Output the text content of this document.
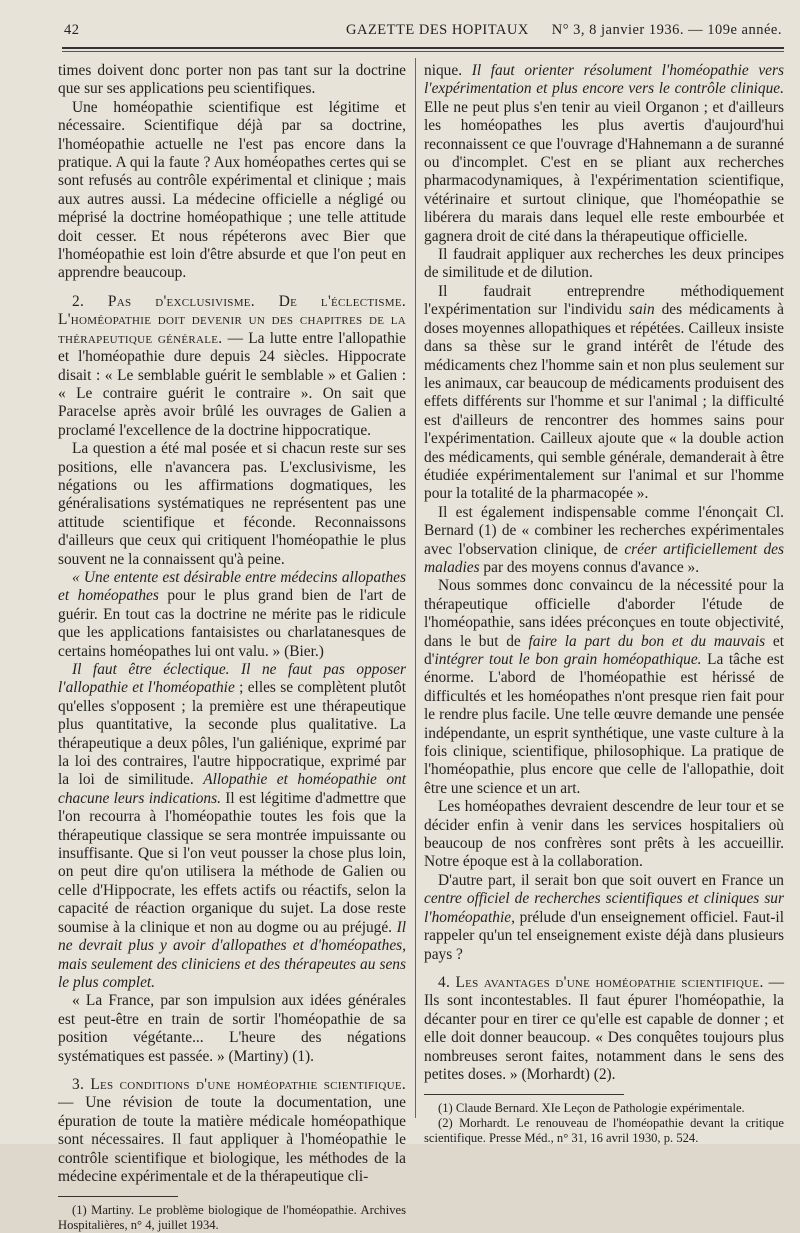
42	GAZETTE DES HOPITAUX N° 3, 8 janvier 1936. — 109e année.

times doivent donc porter non pas tant sur la doctrine que sur ses applications peu scientifiques.

Une homéopathie scientifique est légitime et nécessaire. Scientifique déjà par sa doctrine, l'homéopathie actuelle ne l'est pas encore dans la pratique. A qui la faute ? Aux homéopathes certes qui se sont refusés au contrôle expérimental et clinique ; mais aux autres aussi. La médecine officielle a négligé ou méprisé la doctrine homéopathique ; une telle attitude doit cesser. Et nous répéterons avec Bier que l'homéopathie est loin d'être absurde et que l'on peut en apprendre beaucoup.

2. Pas d'exclusivisme. De l'éclectisme. L'homéopathie doit devenir un des chapitres de la thérapeutique générale. — La lutte entre l'allopathie et l'homéopathie dure depuis 24 siècles. Hippocrate disait : « Le semblable guérit le semblable » et Galien : « Le contraire guérit le contraire ». On sait que Paracelse après avoir brûlé les ouvrages de Galien a proclamé l'excellence de la doctrine hippocratique.

La question a été mal posée et si chacun reste sur ses positions, elle n'avancera pas. L'exclusivisme, les négations ou les affirmations dogmatiques, les généralisations systématiques ne représentent pas une attitude scientifique et féconde. Reconnaissons d'ailleurs que ceux qui critiquent l'homéopathie le plus souvent ne la connaissent qu'à peine.

« Une entente est désirable entre médecins allopathes et homéopathes pour le plus grand bien de l'art de guérir. En tout cas la doctrine ne mérite pas le ridicule que les applications fantaisistes ou charlatanesques de certains homéopathes lui ont valu. » (Bier.)

Il faut être éclectique. Il ne faut pas opposer l'allopathie et l'homéopathie ; elles se complètent plutôt qu'elles s'opposent ; la première est une thérapeutique plus quantitative, la seconde plus qualitative. La thérapeutique a deux pôles, l'un galiénique, exprimé par la loi des contraires, l'autre hippocratique, exprimé par la loi de similitude. Allopathie et homéopathie ont chacune leurs indications. Il est légitime d'admettre que l'on recourra à l'homéopathie toutes les fois que la thérapeutique classique se sera montrée impuissante ou insuffisante. Que si l'on veut pousser la chose plus loin, on peut dire qu'on utilisera la méthode de Galien ou celle d'Hippocrate, les effets actifs ou réactifs, selon la capacité de réaction organique du sujet. La dose reste soumise à la clinique et non au dogme ou au préjugé. Il ne devrait plus y avoir d'allopathes et d'homéopathes, mais seulement des cliniciens et des thérapeutes au sens le plus complet.

« La France, par son impulsion aux idées générales est peut-être en train de sortir l'homéopathie de sa position végétante... L'heure des négations systématiques est passée. » (Martiny) (1).

3. Les conditions d'une homéopathie scientifique. — Une révision de toute la documentation, une épuration de toute la matière médicale homéopathique sont nécessaires. Il faut appliquer à l'homéopathie le contrôle scientifique et biologique, les méthodes de la médecine expérimentale et de la thérapeutique cli-

(1) Martiny. Le problème biologique de l'homéopathie. Archives Hospitalières, n° 4, juillet 1934.

nique. Il faut orienter résolument l'homéopathie vers l'expérimentation et plus encore vers le contrôle clinique. Elle ne peut plus s'en tenir au vieil Organon ; et d'ailleurs les homéopathes les plus avertis d'aujourd'hui reconnaissent ce que l'ouvrage d'Hahnemann a de suranné ou d'incomplet. C'est en se pliant aux recherches pharmacodynamiques, à l'expérimentation scientifique, vétérinaire et surtout clinique, que l'homéopathie se libérera du marais dans lequel elle reste embourbée et gagnera droit de cité dans la thérapeutique officielle.

Il faudrait appliquer aux recherches les deux principes de similitude et de dilution.

Il faudrait entreprendre méthodiquement l'expérimentation sur l'individu sain des médicaments à doses moyennes allopathiques et répétées. Cailleux insiste dans sa thèse sur le grand intérêt de l'étude des médicaments chez l'homme sain et non plus seulement sur les animaux, car beaucoup de médicaments produisent des effets différents sur l'homme et sur l'animal ; la difficulté est d'ailleurs de rencontrer des hommes sains pour l'expérimentation. Cailleux ajoute que « la double action des médicaments, qui semble générale, demanderait à être étudiée expérimentalement sur l'animal et sur l'homme pour la totalité de la pharmacopée ».

Il est également indispensable comme l'énonçait Cl. Bernard (1) de « combiner les recherches expérimentales avec l'observation clinique, de créer artificiellement des maladies par des moyens connus d'avance ».

Nous sommes donc convaincu de la nécessité pour la thérapeutique officielle d'aborder l'étude de l'homéopathie, sans idées préconçues en toute objectivité, dans le but de faire la part du bon et du mauvais et d'intégrer tout le bon grain homéopathique. La tâche est énorme. L'abord de l'homéopathie est hérissé de difficultés et les homéopathes n'ont presque rien fait pour le rendre plus facile. Une telle œuvre demande une pensée indépendante, un esprit synthétique, une vaste culture à la fois clinique, scientifique, philosophique. La pratique de l'homéopathie, plus encore que celle de l'allopathie, doit être une science et un art.

Les homéopathes devraient descendre de leur tour et se décider enfin à venir dans les services hospitaliers où beaucoup de nos confrères sont prêts à les accueillir. Notre époque est à la collaboration.

D'autre part, il serait bon que soit ouvert en France un centre officiel de recherches scientifiques et cliniques sur l'homéopathie, prélude d'un enseignement officiel. Faut-il rappeler qu'un tel enseignement existe déjà dans plusieurs pays ?

4. Les avantages d'une homéopathie scientifique. — Ils sont incontestables. Il faut épurer l'homéopathie, la décanter pour en tirer ce qu'elle est capable de donner ; et elle doit donner beaucoup. « Des conquêtes toujours plus nombreuses seront faites, notamment dans le sens des petites doses. » (Morhardt) (2).

(1) Claude Bernard. XIe Leçon de Pathologie expérimentale.

(2) Morhardt. Le renouveau de l'homéopathie devant la critique scientifique. Presse Méd., n° 31, 16 avril 1930, p. 524.
